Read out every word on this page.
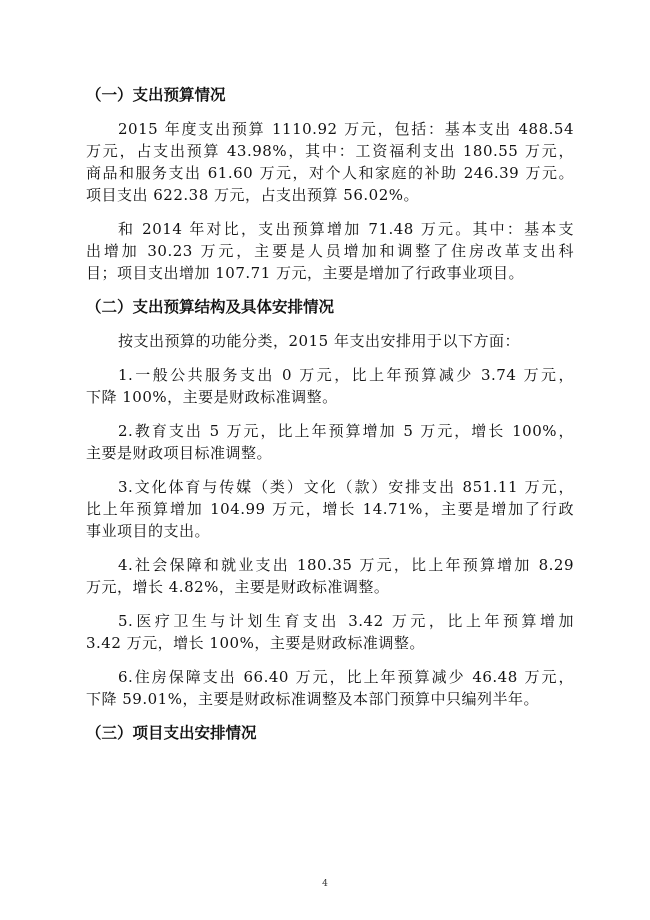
（一）支出预算情况
2015 年度支出预算 1110.92 万元，包括：基本支出 488.54
万元，占支出预算 43.98%，其中：工资福利支出 180.55 万元，
商品和服务支出 61.60 万元，对个人和家庭的补助 246.39 万元。
项目支出 622.38 万元，占支出预算 56.02%。
和 2014 年对比，支出预算增加 71.48 万元。其中：基本支
出增加 30.23 万元，主要是人员增加和调整了住房改革支出科
目；项目支出增加 107.71 万元，主要是增加了行政事业项目。
（二）支出预算结构及具体安排情况
按支出预算的功能分类，2015 年支出安排用于以下方面：
1.一般公共服务支出 0 万元，比上年预算减少 3.74 万元，
下降 100%，主要是财政标准调整。
2.教育支出 5 万元，比上年预算增加 5 万元，增长 100%，
主要是财政项目标准调整。
3.文化体育与传媒（类）文化（款）安排支出 851.11 万元，
比上年预算增加 104.99 万元，增长 14.71%，主要是增加了行政
事业项目的支出。
4.社会保障和就业支出 180.35 万元，比上年预算增加 8.29
万元，增长 4.82%，主要是财政标准调整。
5.医疗卫生与计划生育支出 3.42 万元，比上年预算增加
3.42 万元，增长 100%，主要是财政标准调整。
6.住房保障支出 66.40 万元，比上年预算减少 46.48 万元，
下降 59.01%，主要是财政标准调整及本部门预算中只编列半年。
（三）项目支出安排情况
4
